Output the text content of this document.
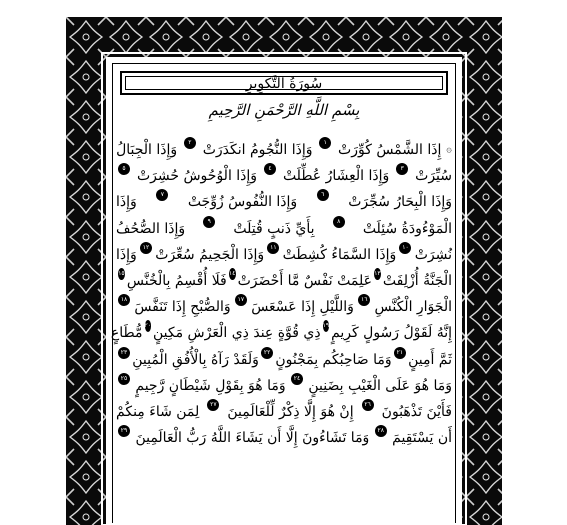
سُورَةُ التَّكوِيرِ
بِسْمِ اللَّهِ الرَّحْمَنِ الرَّحِيمِ
۞
إِذَا الشَّمْسُ كُوِّرَتْ
١
وَإِذَا النُّجُومُ انكَدَرَتْ
٢
وَإِذَا الْجِبَالُ
سُيِّرَتْ
٣
وَإِذَا الْعِشَارُ عُطِّلَتْ
٤
وَإِذَا الْوُحُوشُ حُشِرَتْ
٥
وَإِذَا الْبِحَارُ سُجِّرَتْ
٦
وَإِذَا النُّفُوسُ زُوِّجَتْ
٧
وَإِذَا
الْمَوْءُودَةُ سُئِلَتْ
٨
بِأَيِّ ذَنبٍ قُتِلَتْ
٩
وَإِذَا الصُّحُفُ
نُشِرَتْ
١٠
وَإِذَا السَّمَاءُ كُشِطَتْ
١١
وَإِذَا الْجَحِيمُ سُعِّرَتْ
١٢
وَإِذَا
الْجَنَّةُ أُزْلِفَتْ
١٣
عَلِمَتْ نَفْسٌ مَّا أَحْضَرَتْ
١٤
فَلَا أُقْسِمُ بِالْخُنَّسِ
١٥
الْجَوَارِ الْكُنَّسِ
١٦
وَاللَّيْلِ إِذَا عَسْعَسَ
١٧
وَالصُّبْحِ إِذَا تَنَفَّسَ
١٨
إِنَّهُ لَقَوْلُ رَسُولٍ كَرِيمٍ
١٩
ذِي قُوَّةٍ عِندَ ذِي الْعَرْشِ مَكِينٍ
٢٠
مُّطَاعٍ
ثَمَّ أَمِينٍ
٢١
وَمَا صَاحِبُكُم بِمَجْنُونٍ
٢٢
وَلَقَدْ رَآهُ بِالْأُفُقِ الْمُبِينِ
٢٣
وَمَا هُوَ عَلَى الْغَيْبِ بِضَنِينٍ
٢٤
وَمَا هُوَ بِقَوْلِ شَيْطَانٍ رَّجِيمٍ
٢٥
فَأَيْنَ تَذْهَبُونَ
٢٦
إِنْ هُوَ إِلَّا ذِكْرٌ لِّلْعَالَمِينَ
٢٧
لِمَن شَاءَ مِنكُمْ
أَن يَسْتَقِيمَ
٢٨
وَمَا تَشَاءُونَ إِلَّا أَن يَشَاءَ اللَّهُ رَبُّ الْعَالَمِينَ
٢٩
